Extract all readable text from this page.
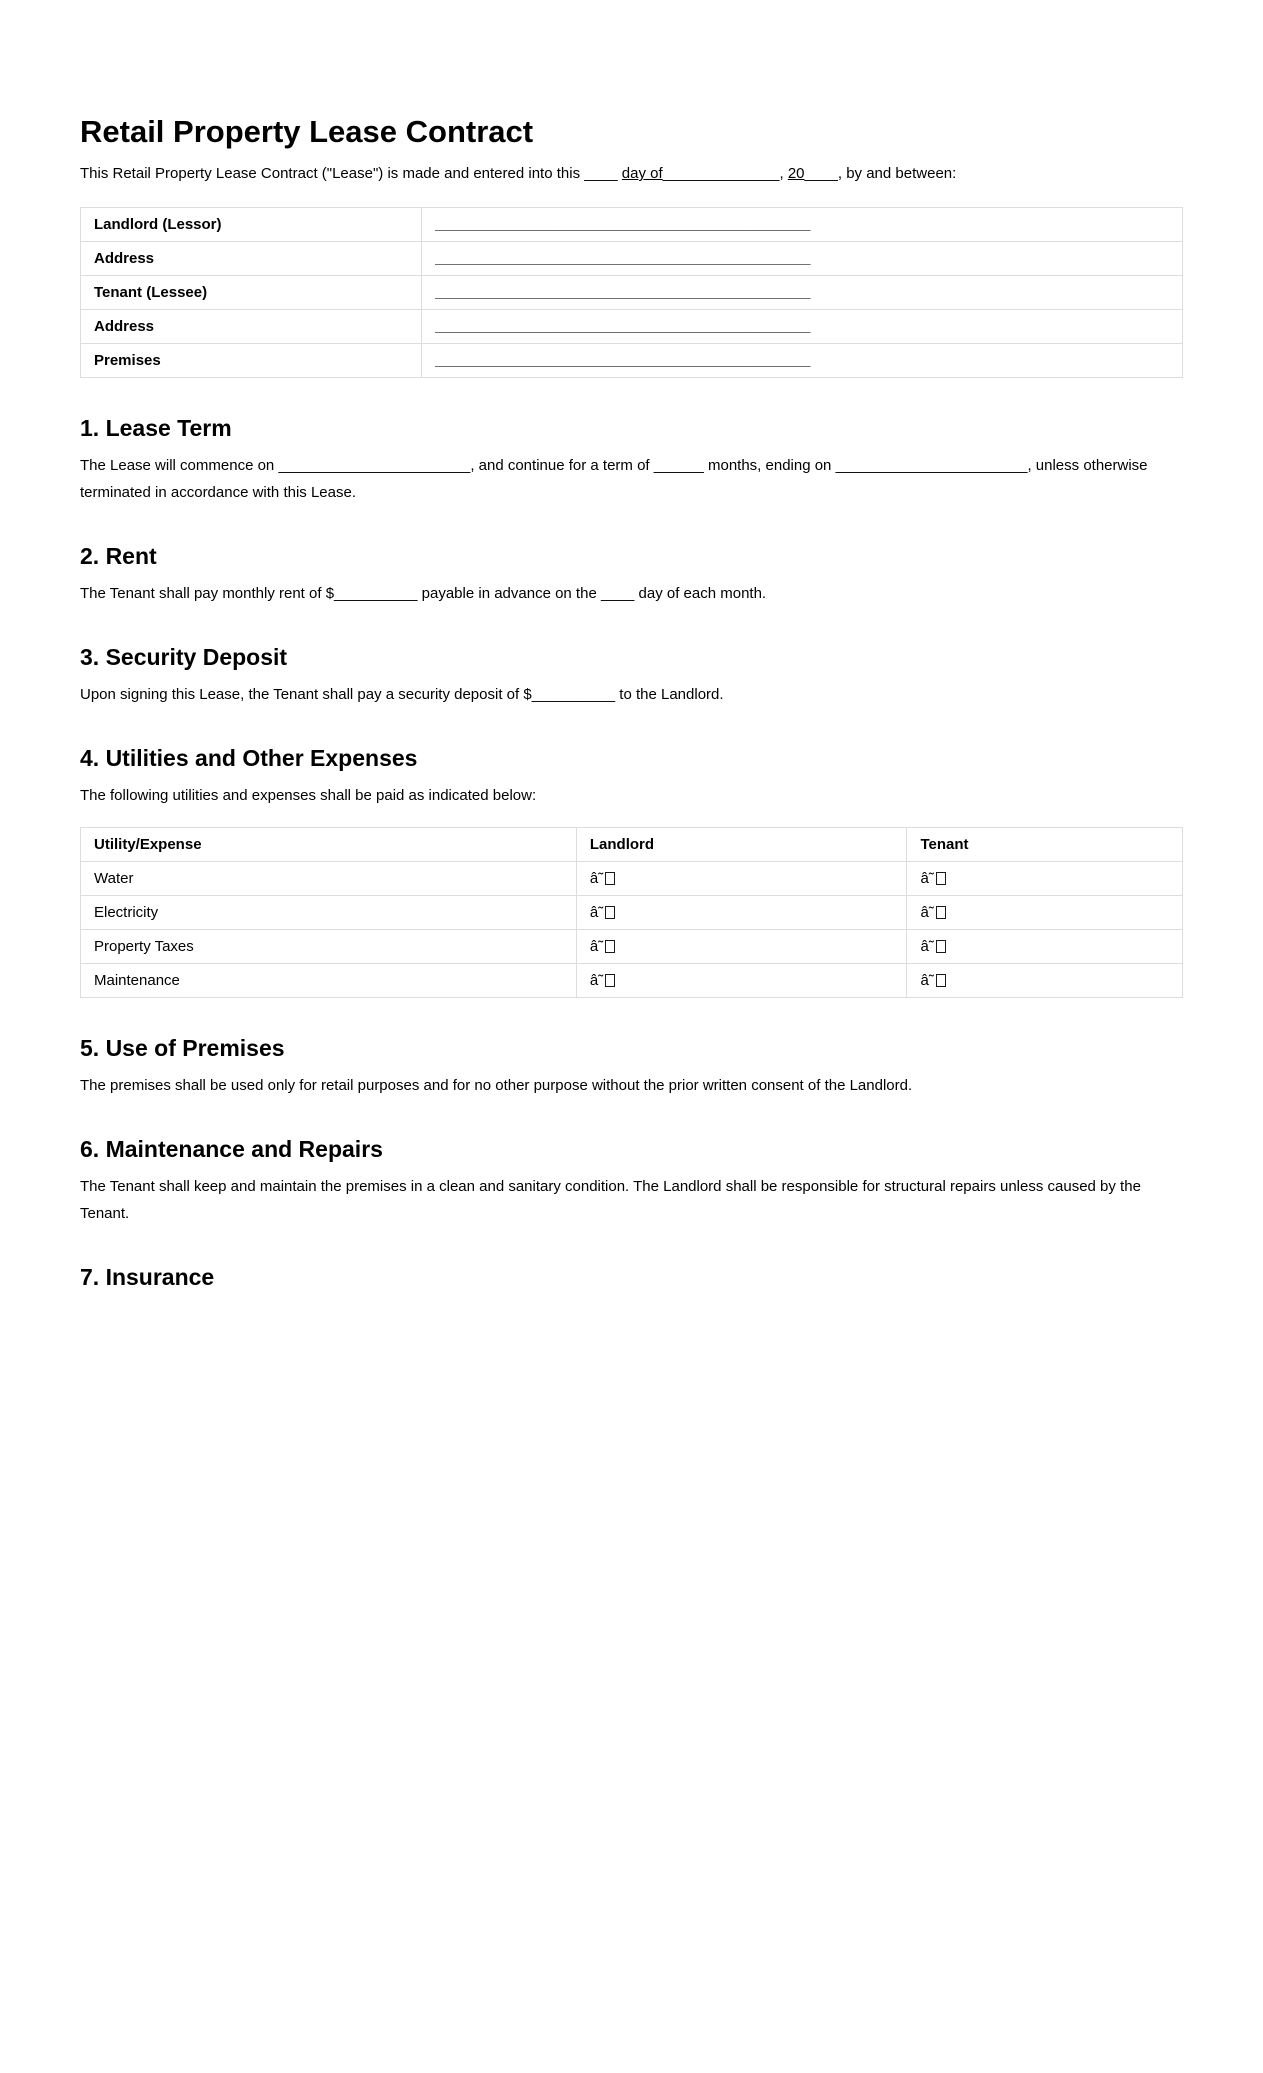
Retail Property Lease Contract

This Retail Property Lease Contract ("Lease") is made and entered into this ____ day of______________, 20____, by and between:

Landlord (Lessor)	_____________________________________________
Address	_____________________________________________
Tenant (Lessee)	_____________________________________________
Address	_____________________________________________
Premises	_____________________________________________
1. Lease Term

The Lease will commence on _______________________, and continue for a term of ______ months, ending on _______________________, unless otherwise terminated in accordance with this Lease.

2. Rent

The Tenant shall pay monthly rent of $__________ payable in advance on the ____ day of each month.

3. Security Deposit

Upon signing this Lease, the Tenant shall pay a security deposit of $__________ to the Landlord.

4. Utilities and Other Expenses

The following utilities and expenses shall be paid as indicated below:

Utility/Expense	Landlord	Tenant
Water	â˜	â˜
Electricity	â˜	â˜
Property Taxes	â˜	â˜
Maintenance	â˜	â˜
5. Use of Premises

The premises shall be used only for retail purposes and for no other purpose without the prior written consent of the Landlord.

6. Maintenance and Repairs

The Tenant shall keep and maintain the premises in a clean and sanitary condition. The Landlord shall be responsible for structural repairs unless caused by the Tenant.

7. Insurance
